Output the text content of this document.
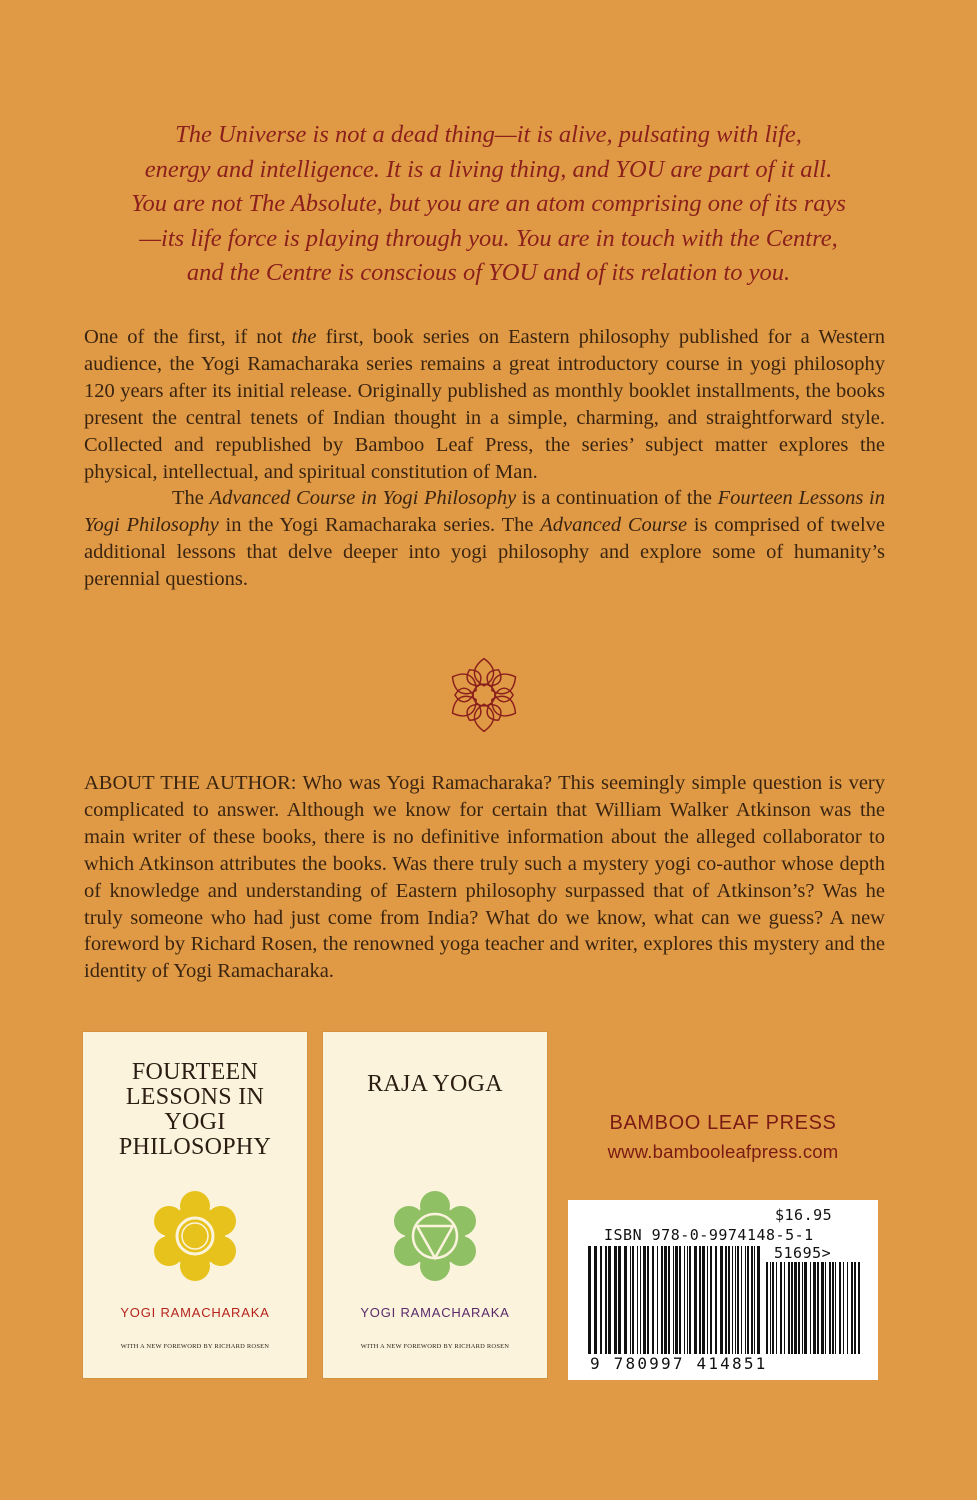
The Universe is not a dead thing—it is alive, pulsating with life,
energy and intelligence. It is a living thing, and YOU are part of it all.
You are not The Absolute, but you are an atom comprising one of its rays
—its life force is playing through you. You are in touch with the Centre,
and the Centre is conscious of YOU and of its relation to you.

One of the first, if not the first, book series on Eastern philosophy published for a Western audience, the Yogi Ramacharaka series remains a great introductory course in yogi philosophy 120 years after its initial release. Originally published as monthly booklet installments, the books present the central tenets of Indian thought in a simple, charming, and straightforward style. Collected and republished by Bamboo Leaf Press, the series’ subject matter explores the physical, intellectual, and spiritual constitution of Man.

The Advanced Course in Yogi Philosophy is a continuation of the Fourteen Lessons in Yogi Philosophy in the Yogi Ramacharaka series. The Advanced Course is comprised of twelve additional lessons that delve deeper into yogi philosophy and explore some of humanity’s perennial questions.

ABOUT THE AUTHOR: Who was Yogi Ramacharaka? This seemingly simple question is very complicated to answer. Although we know for certain that William Walker Atkinson was the main writer of these books, there is no definitive information about the alleged collaborator to which Atkinson attributes the books. Was there truly such a mystery yogi co-author whose depth of knowledge and understanding of Eastern philosophy surpassed that of Atkinson’s? Was he truly someone who had just come from India? What do we know, what can we guess? A new foreword by Richard Rosen, the renowned yoga teacher and writer, explores this mystery and the identity of Yogi Ramacharaka.
FOURTEEN
LESSONS IN
YOGI
PHILOSOPHY
YOGI RAMACHARAKA
WITH A NEW FOREWORD BY RICHARD ROSEN
RAJA YOGA
YOGI RAMACHARAKA
WITH A NEW FOREWORD BY RICHARD ROSEN
BAMBOO LEAF PRESS
www.bambooleafpress.com
$16.95
ISBN 978-0-9974148-5-1
51695>
9 780997 414851
